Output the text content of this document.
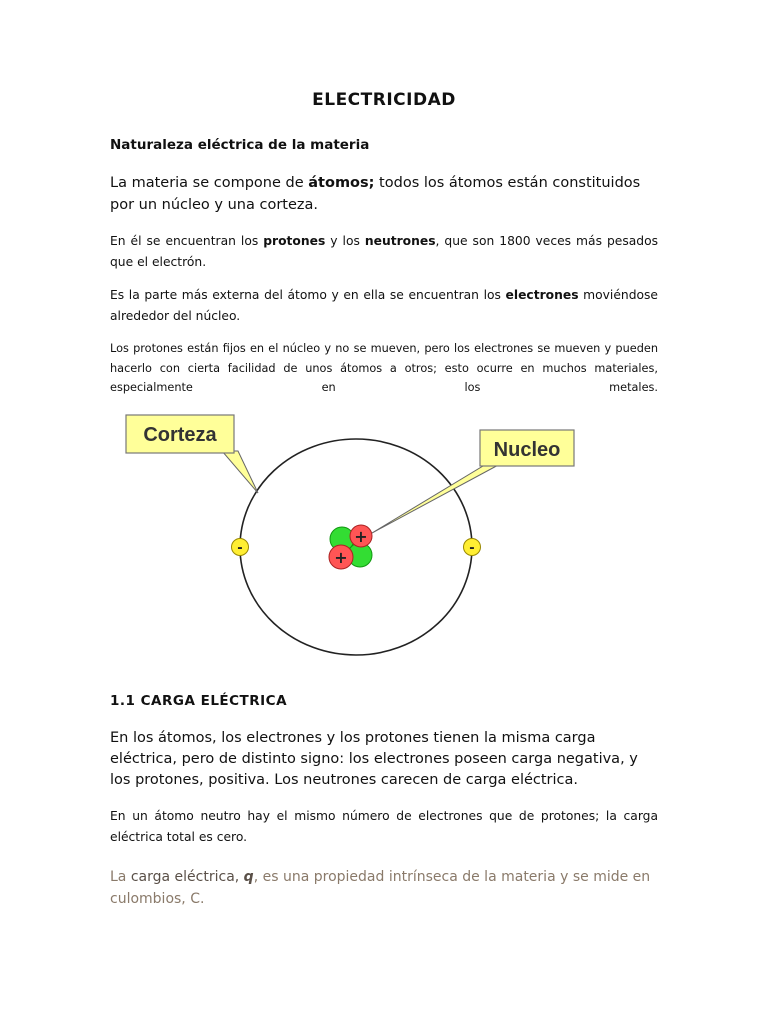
ELECTRICIDAD
Naturaleza eléctrica de la materia
La materia se compone de átomos; todos los átomos están constituidos por un núcleo y una corteza.
En él se encuentran los protones y los neutrones, que son 1800 veces más pesados que el electrón.
Es la parte más externa del átomo y en ella se encuentran los electrones moviéndose alrededor del núcleo.
Los protones están fijos en el núcleo y no se mueven, pero los electrones se mueven y pueden
hacerlo con cierta facilidad de unos átomos a otros; esto ocurre en muchos materiales,
especialmente en los metales.
Corteza
Nucleo
+
+
-	-
1.1 CARGA ELÉCTRICA
En los átomos, los electrones y los protones tienen la misma carga eléctrica, pero de distinto signo: los electrones poseen carga negativa, y los protones, positiva. Los neutrones carecen de carga eléctrica.
En un átomo neutro hay el mismo número de electrones que de protones; la carga eléctrica total es cero.
La carga eléctrica, q, es una propiedad intrínseca de la materia y se mide en culombios, C.
